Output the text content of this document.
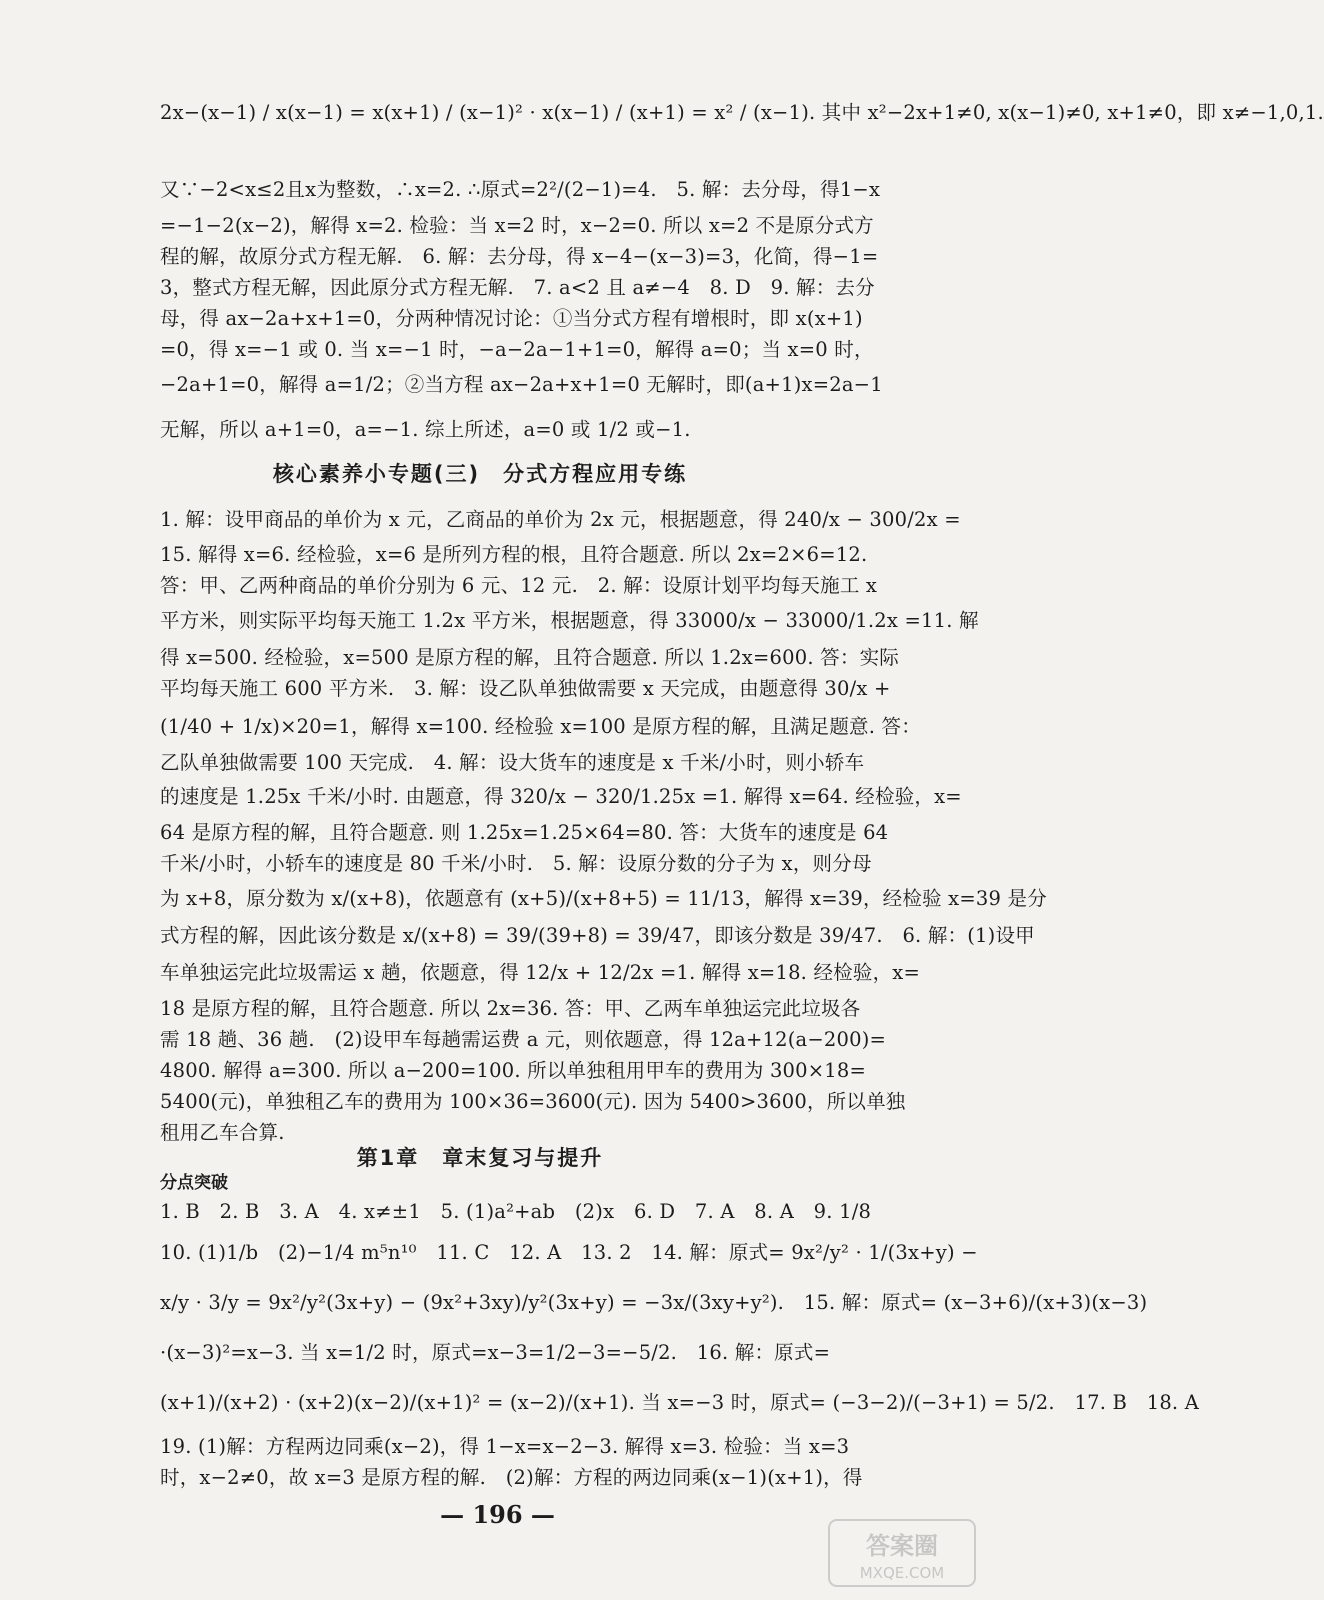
2x−(x−1) / x(x−1) = x(x+1) / (x−1)² · x(x−1) / (x+1) = x² / (x−1). 其中 x²−2x+1≠0, x(x−1)≠0, x+1≠0，即 x≠−1,0,1.
又∵−2<x≤2且x为整数，∴x=2. ∴原式=2²/(2−1)=4.　5. 解：去分母，得1−x
=−1−2(x−2)，解得 x=2. 检验：当 x=2 时，x−2=0. 所以 x=2 不是原分式方
程的解，故原分式方程无解.　6. 解：去分母，得 x−4−(x−3)=3，化简，得−1=
3，整式方程无解，因此原分式方程无解.　7. a<2 且 a≠−4　8. D　9. 解：去分
母，得 ax−2a+x+1=0，分两种情况讨论：①当分式方程有增根时，即 x(x+1)
=0，得 x=−1 或 0. 当 x=−1 时，−a−2a−1+1=0，解得 a=0；当 x=0 时，
−2a+1=0，解得 a=1/2；②当方程 ax−2a+x+1=0 无解时，即(a+1)x=2a−1
无解，所以 a+1=0，a=−1. 综上所述，a=0 或 1/2 或−1.
1. 解：设甲商品的单价为 x 元，乙商品的单价为 2x 元，根据题意，得 240/x − 300/2x =
15. 解得 x=6. 经检验，x=6 是所列方程的根，且符合题意. 所以 2x=2×6=12.
答：甲、乙两种商品的单价分别为 6 元、12 元.　2. 解：设原计划平均每天施工 x
平方米，则实际平均每天施工 1.2x 平方米，根据题意，得 33000/x − 33000/1.2x =11. 解
得 x=500. 经检验，x=500 是原方程的解，且符合题意. 所以 1.2x=600. 答：实际
平均每天施工 600 平方米.　3. 解：设乙队单独做需要 x 天完成，由题意得 30/x +
(1/40 + 1/x)×20=1，解得 x=100. 经检验 x=100 是原方程的解，且满足题意. 答：
乙队单独做需要 100 天完成.　4. 解：设大货车的速度是 x 千米/小时，则小轿车
的速度是 1.25x 千米/小时. 由题意，得 320/x − 320/1.25x =1. 解得 x=64. 经检验，x=
64 是原方程的解，且符合题意. 则 1.25x=1.25×64=80. 答：大货车的速度是 64
千米/小时，小轿车的速度是 80 千米/小时.　5. 解：设原分数的分子为 x，则分母
为 x+8，原分数为 x/(x+8)，依题意有 (x+5)/(x+8+5) = 11/13，解得 x=39，经检验 x=39 是分
式方程的解，因此该分数是 x/(x+8) = 39/(39+8) = 39/47，即该分数是 39/47.　6. 解：(1)设甲
车单独运完此垃圾需运 x 趟，依题意，得 12/x + 12/2x =1. 解得 x=18. 经检验，x=
18 是原方程的解，且符合题意. 所以 2x=36. 答：甲、乙两车单独运完此垃圾各
需 18 趟、36 趟.　(2)设甲车每趟需运费 a 元，则依题意，得 12a+12(a−200)=
4800. 解得 a=300. 所以 a−200=100. 所以单独租用甲车的费用为 300×18=
5400(元)，单独租乙车的费用为 100×36=3600(元). 因为 5400>3600，所以单独
租用乙车合算.
1. B　2. B　3. A　4. x≠±1　5. (1)a²+ab　(2)x　6. D　7. A　8. A　9. 1/8
10. (1)1/b　(2)−1/4 m⁵n¹⁰　11. C　12. A　13. 2　14. 解：原式= 9x²/y² · 1/(3x+y) −
x/y · 3/y = 9x²/y²(3x+y) − (9x²+3xy)/y²(3x+y) = −3x/(3xy+y²).　15. 解：原式= (x−3+6)/(x+3)(x−3)
·(x−3)²=x−3. 当 x=1/2 时，原式=x−3=1/2−3=−5/2.　16. 解：原式=
(x+1)/(x+2) · (x+2)(x−2)/(x+1)² = (x−2)/(x+1). 当 x=−3 时，原式= (−3−2)/(−3+1) = 5/2.　17. B　18. A
19. (1)解：方程两边同乘(x−2)，得 1−x=x−2−3. 解得 x=3. 检验：当 x=3
时，x−2≠0，故 x=3 是原方程的解.　(2)解：方程的两边同乘(x−1)(x+1)，得
核心素养小专题(三)　分式方程应用专练
第1章　章末复习与提升
分点突破
— 196 —
答案圈
MXQE.COM
